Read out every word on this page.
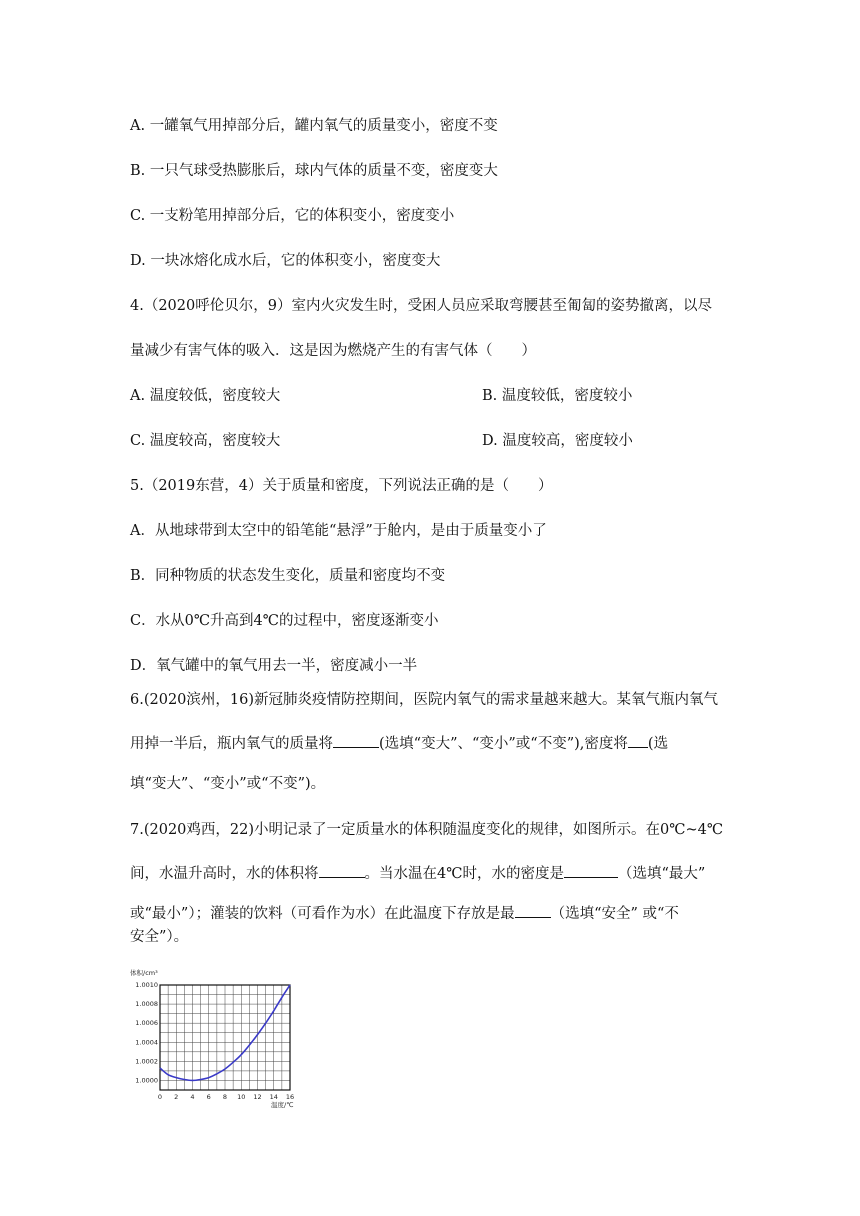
A. 一罐氧气用掉部分后，罐内氧气的质量变小，密度不变
B. 一只气球受热膨胀后，球内气体的质量不变，密度变大
C. 一支粉笔用掉部分后，它的体积变小，密度变小
D. 一块冰熔化成水后，它的体积变小，密度变大
4.（2020呼伦贝尔，9）室内火灾发生时，受困人员应采取弯腰甚至匍匐的姿势撤离，以尽
量减少有害气体的吸入．这是因为燃烧产生的有害气体（　　）
A. 温度较低，密度较大	B. 温度较低，密度较小
C. 温度较高，密度较大	D. 温度较高，密度较小
5.（2019东营，4）关于质量和密度，下列说法正确的是（　　）
A．从地球带到太空中的铅笔能“悬浮”于舱内，是由于质量变小了
B．同种物质的状态发生变化，质量和密度均不变
C．水从0℃升高到4℃的过程中，密度逐渐变小
D．氧气罐中的氧气用去一半，密度减小一半
6.(2020滨州，16)新冠肺炎疫情防控期间，医院内氧气的需求量越来越大。某氧气瓶内氧气
用掉一半后，瓶内氧气的质量将	(选填“变大”、“变小”或“不变”),密度将 (选
填“变大”、“变小”或“不变”)。
7.(2020鸡西，22)小明记录了一定质量水的体积随温度变化的规律，如图所示。在0℃~4℃
间，水温升高时，水的体积将	。当水温在4℃时，水的密度是	（选填“最大”
或“最小”）；灌装的饮料（可看作为水）在此温度下存放是最 （选填“安全” 或“不
安全”）。
0 2 4 6 8 10 12 14 16
1.0000
1.0002
1.0004
1.0006
1.0008
1.0010
体积/cm³
温度/℃
